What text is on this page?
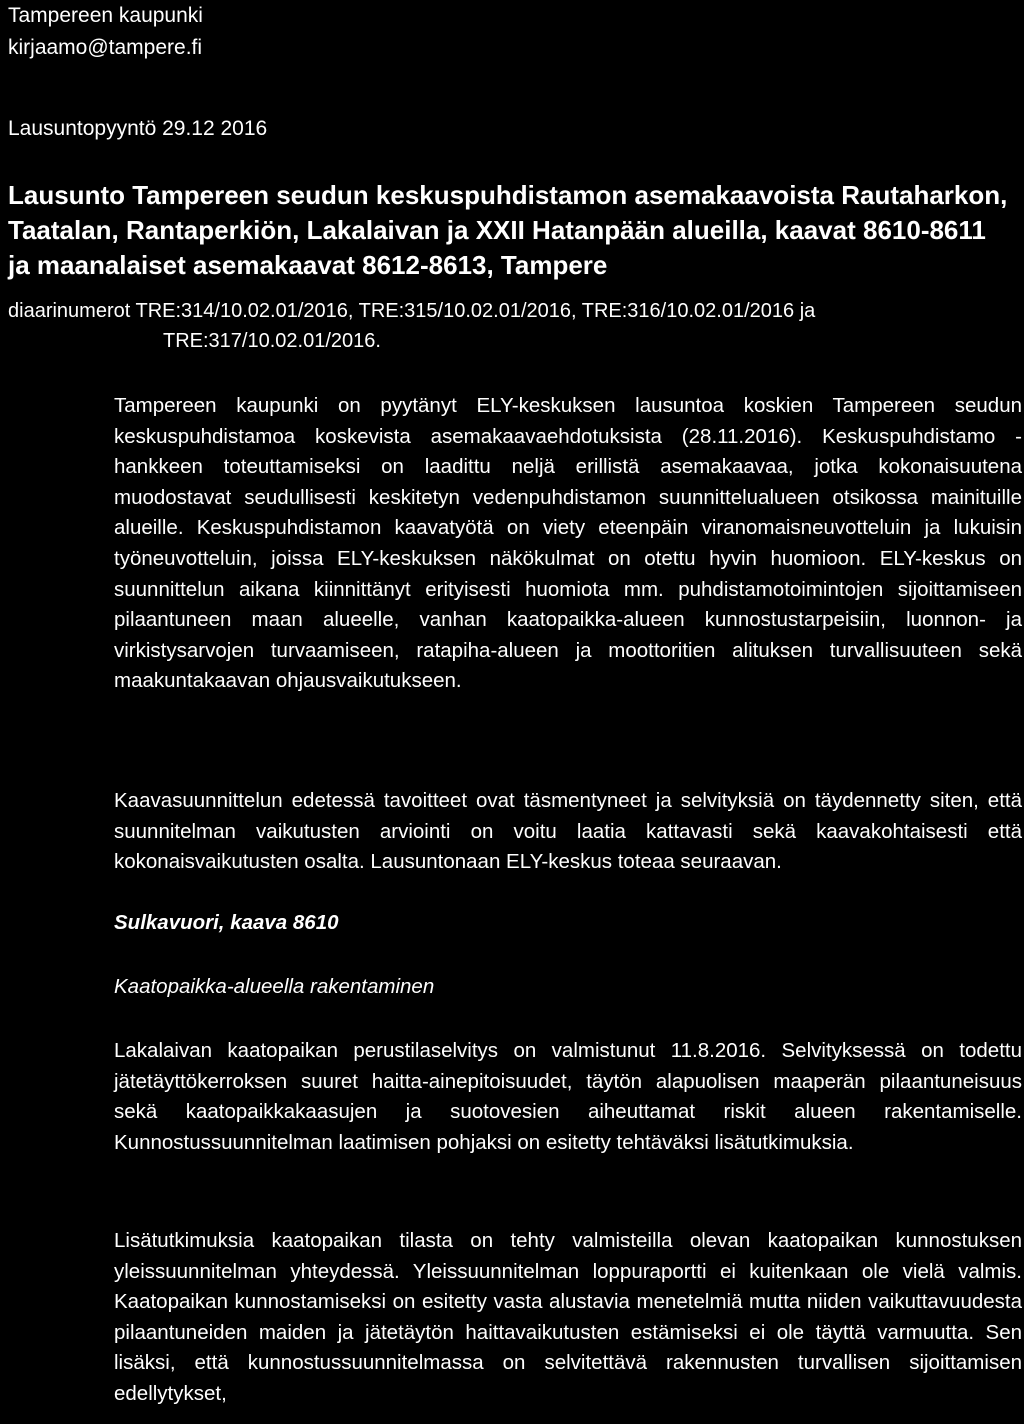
Tampereen kaupunki
kirjaamo@tampere.fi
Lausuntopyyntö 29.12 2016
Lausunto Tampereen seudun keskuspuhdistamon asemakaavoista Rautaharkon, Taatalan, Rantaperkiön, Lakalaivan ja XXII Hatanpään alueilla, kaavat 8610-8611 ja maanalaiset asemakaavat 8612-8613, Tampere
diaarinumerot TRE:314/10.02.01/2016, TRE:315/10.02.01/2016, TRE:316/10.02.01/2016 ja
TRE:317/10.02.01/2016.

Tampereen kaupunki on pyytänyt ELY-keskuksen lausuntoa koskien Tampereen seudun keskuspuhdistamoa koskevista asemakaavaehdotuksista (28.11.2016). Keskuspuhdistamo -hankkeen toteuttamiseksi on laadittu neljä erillistä asemakaavaa, jotka kokonaisuutena muodostavat seudullisesti keskitetyn vedenpuhdistamon suunnittelualueen otsikossa mainituille alueille. Keskuspuhdistamon kaavatyötä on viety eteenpäin viranomaisneuvotteluin ja lukuisin työneuvotteluin, joissa ELY-keskuksen näkökulmat on otettu hyvin huomioon. ELY-keskus on suunnittelun aikana kiinnittänyt erityisesti huomiota mm. puhdistamotoimintojen sijoittamiseen pilaantuneen maan alueelle, vanhan kaatopaikka-alueen kunnostustarpeisiin, luonnon- ja virkistysarvojen turvaamiseen, ratapiha-alueen ja moottoritien alituksen turvallisuuteen sekä maakuntakaavan ohjausvaikutukseen.

Kaavasuunnittelun edetessä tavoitteet ovat täsmentyneet ja selvityksiä on täydennetty siten, että suunnitelman vaikutusten arviointi on voitu laatia kattavasti sekä kaavakohtaisesti että kokonaisvaikutusten osalta. Lausuntonaan ELY-keskus toteaa seuraavan.

Sulkavuori, kaava 8610

Kaatopaikka-alueella rakentaminen

Lakalaivan kaatopaikan perustilaselvitys on valmistunut 11.8.2016. Selvityksessä on todettu jätetäyttökerroksen suuret haitta-ainepitoisuudet, täytön alapuolisen maaperän pilaantuneisuus sekä kaatopaikkakaasujen ja suotovesien aiheuttamat riskit alueen rakentamiselle. Kunnostussuunnitelman laatimisen pohjaksi on esitetty tehtäväksi lisätutkimuksia.

Lisätutkimuksia kaatopaikan tilasta on tehty valmisteilla olevan kaatopaikan kunnostuksen yleissuunnitelman yhteydessä. Yleissuunnitelman loppuraportti ei kuitenkaan ole vielä valmis. Kaatopaikan kunnostamiseksi on esitetty vasta alustavia menetelmiä mutta niiden vaikuttavuudesta pilaantuneiden maiden ja jätetäytön haittavaikutusten estämiseksi ei ole täyttä varmuutta. Sen lisäksi, että kunnostussuunnitelmassa on selvitettävä rakennusten turvallisen sijoittamisen edellytykset,
